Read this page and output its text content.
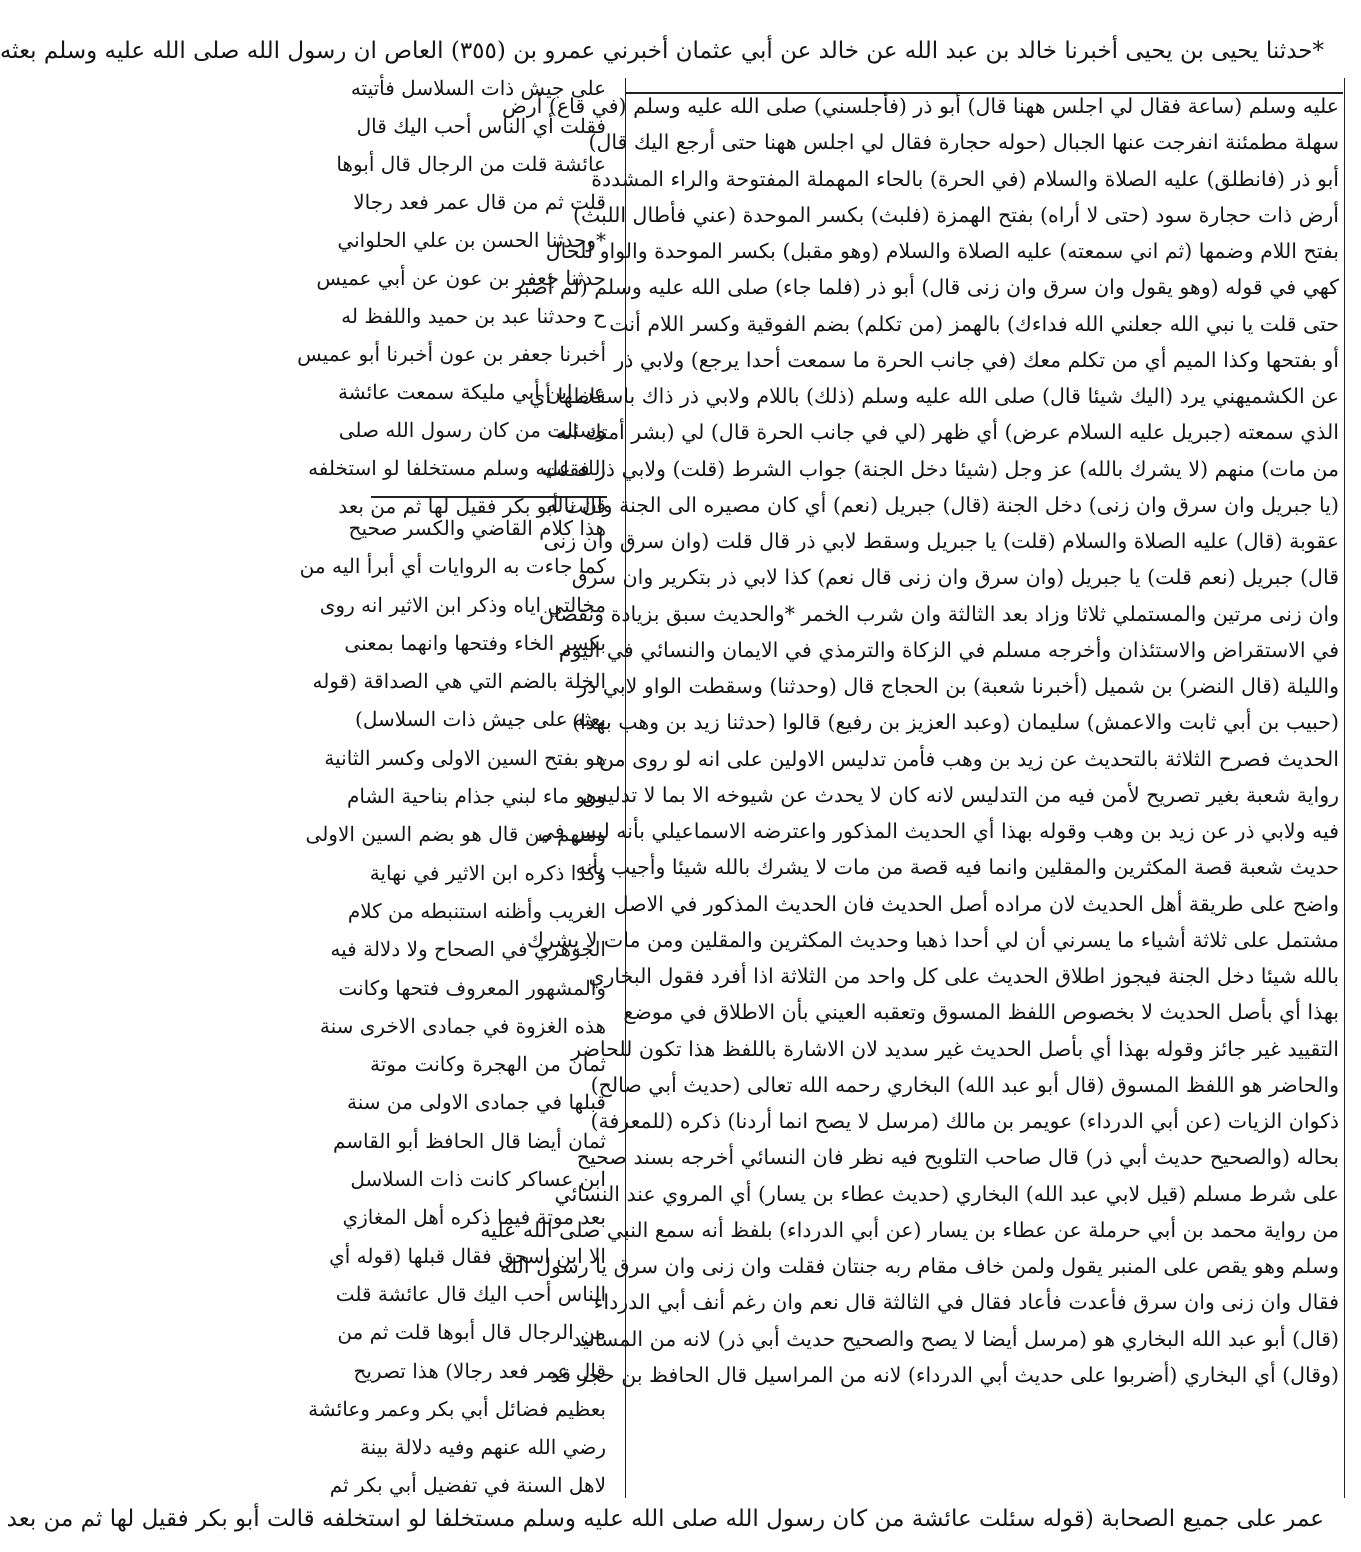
*حدثنا يحيى بن يحيى أخبرنا خالد بن عبد الله عن خالد عن أبي عثمان أخبرني عمرو بن (٣٥٥) العاص ان رسول الله صلى الله عليه وسلم بعثه
على جيش ذات السلاسل فأتيته
فقلت أي الناس أحب اليك قال
عائشة قلت من الرجال قال أبوها
قلت ثم من قال عمر فعد رجالا
*وحدثنا الحسن بن علي الحلواني
حدثنا جعفر بن عون عن أبي عميس
ح وحدثنا عبد بن حميد واللفظ له
أخبرنا جعفر بن عون أخبرنا أبو عميس
عن ابن أبي مليكة سمعت عائشة
وسئلت من كان رسول الله صلى
الله عليه وسلم مستخلفا لو استخلفه
قالت أبو بكر فقيل لها ثم من بعد
هذا كلام القاضي والكسر صحيح
كما جاءت به الروايات أي أبرأ اليه من
مخالتي اياه وذكر ابن الاثير انه روى
بكسر الخاء وفتحها وانهما بمعنى
الخلة بالضم التي هي الصداقة (قوله
بعثه على جيش ذات السلاسل)
هو بفتح السين الاولى وكسر الثانية
وهو ماء لبني جذام بناحية الشام
ومنهم من قال هو بضم السين الاولى
وكذا ذكره ابن الاثير في نهاية
الغريب وأظنه استنبطه من كلام
الجوهري في الصحاح ولا دلالة فيه
والمشهور المعروف فتحها وكانت
هذه الغزوة في جمادى الاخرى سنة
ثمان من الهجرة وكانت موتة
قبلها في جمادى الاولى من سنة
ثمان أيضا قال الحافظ أبو القاسم
ابن عساكر كانت ذات السلاسل
بعد موتة فيما ذكره أهل المغازي
الا ابن اسحق فقال قبلها (قوله أي
الناس أحب اليك قال عائشة قلت
من الرجال قال أبوها قلت ثم من
قال عمر فعد رجالا) هذا تصريح
بعظيم فضائل أبي بكر وعمر وعائشة
رضي الله عنهم وفيه دلالة بينة
لاهل السنة في تفضيل أبي بكر ثم
عليه وسلم (ساعة فقال لي اجلس ههنا قال) أبو ذر (فأجلسني) صلى الله عليه وسلم (في قاع) أرض
سهلة مطمئنة انفرجت عنها الجبال (حوله حجارة فقال لي اجلس ههنا حتى أرجع اليك قال)
أبو ذر (فانطلق) عليه الصلاة والسلام (في الحرة) بالحاء المهملة المفتوحة والراء المشددة
أرض ذات حجارة سود (حتى لا أراه) بفتح الهمزة (فلبث) بكسر الموحدة (عني فأطال اللبث)
بفتح اللام وضمها (ثم اني سمعته) عليه الصلاة والسلام (وهو مقبل) بكسر الموحدة والواو للحال
كهي في قوله (وهو يقول وان سرق وان زنى قال) أبو ذر (فلما جاء) صلى الله عليه وسلم (لم أصبر
حتى قلت يا نبي الله جعلني الله فداءك) بالهمز (من تكلم) بضم الفوقية وكسر اللام أنت
أو بفتحها وكذا الميم أي من تكلم معك (في جانب الحرة ما سمعت أحدا يرجع) ولابي ذر
عن الكشميهني يرد (اليك شيئا قال) صلى الله عليه وسلم (ذلك) باللام ولابي ذر ذاك باسقاطها أي
الذي سمعته (جبريل عليه السلام عرض) أي ظهر (لي في جانب الحرة قال) لي (بشر أمتك انه
من مات) منهم (لا يشرك بالله) عز وجل (شيئا دخل الجنة) جواب الشرط (قلت) ولابي ذر فقلت
(يا جبريل وان سرق وان زنى) دخل الجنة (قال) جبريل (نعم) أي كان مصيره الى الجنة وان ناله
عقوبة (قال) عليه الصلاة والسلام (قلت) يا جبريل وسقط لابي ذر قال قلت (وان سرق وان زنى
قال) جبريل (نعم قلت) يا جبريل (وان سرق وان زنى قال نعم) كذا لابي ذر بتكرير وان سرق
وان زنى مرتين والمستملي ثلاثا وزاد بعد الثالثة وان شرب الخمر *والحديث سبق بزيادة ونقصان
في الاستقراض والاستئذان وأخرجه مسلم في الزكاة والترمذي في الايمان والنسائي في اليوم
والليلة (قال النضر) بن شميل (أخبرنا شعبة) بن الحجاج قال (وحدثنا) وسقطت الواو لابي ذر
(حبيب بن أبي ثابت والاعمش) سليمان (وعبد العزيز بن رفيع) قالوا (حدثنا زيد بن وهب بهذا)
الحديث فصرح الثلاثة بالتحديث عن زيد بن وهب فأمن تدليس الاولين على انه لو روى من
رواية شعبة بغير تصريح لأمن فيه من التدليس لانه كان لا يحدث عن شيوخه الا بما لا تدليس
فيه ولابي ذر عن زيد بن وهب وقوله بهذا أي الحديث المذكور واعترضه الاسماعيلي بأنه ليس في
حديث شعبة قصة المكثرين والمقلين وانما فيه قصة من مات لا يشرك بالله شيئا وأجيب بأنه
واضح على طريقة أهل الحديث لان مراده أصل الحديث فان الحديث المذكور في الاصل
مشتمل على ثلاثة أشياء ما يسرني أن لي أحدا ذهبا وحديث المكثرين والمقلين ومن مات لا يشرك
بالله شيئا دخل الجنة فيجوز اطلاق الحديث على كل واحد من الثلاثة اذا أفرد فقول البخاري
بهذا أي بأصل الحديث لا بخصوص اللفظ المسوق وتعقبه العيني بأن الاطلاق في موضع
التقييد غير جائز وقوله بهذا أي بأصل الحديث غير سديد لان الاشارة باللفظ هذا تكون للحاضر
والحاضر هو اللفظ المسوق (قال أبو عبد الله) البخاري رحمه الله تعالى (حديث أبي صالح)
ذكوان الزيات (عن أبي الدرداء) عويمر بن مالك (مرسل لا يصح انما أردنا) ذكره (للمعرفة)
بحاله (والصحيح حديث أبي ذر) قال صاحب التلويح فيه نظر فان النسائي أخرجه بسند صحيح
على شرط مسلم (قيل لابي عبد الله) البخاري (حديث عطاء بن يسار) أي المروي عند النسائي
من رواية محمد بن أبي حرملة عن عطاء بن يسار (عن أبي الدرداء) بلفظ أنه سمع النبي صلى الله عليه
وسلم وهو يقص على المنبر يقول ولمن خاف مقام ربه جنتان فقلت وان زنى وان سرق يا رسول الله
فقال وان زنى وان سرق فأعدت فأعاد فقال في الثالثة قال نعم وان رغم أنف أبي الدرداء
(قال) أبو عبد الله البخاري هو (مرسل أيضا لا يصح والصحيح حديث أبي ذر) لانه من المسانيد
(وقال) أي البخاري (أضربوا على حديث أبي الدرداء) لانه من المراسيل قال الحافظ بن حجر قد
عمر على جميع الصحابة (قوله سئلت عائشة من كان رسول الله صلى الله عليه وسلم مستخلفا لو استخلفه قالت أبو بكر فقيل لها ثم من بعد
